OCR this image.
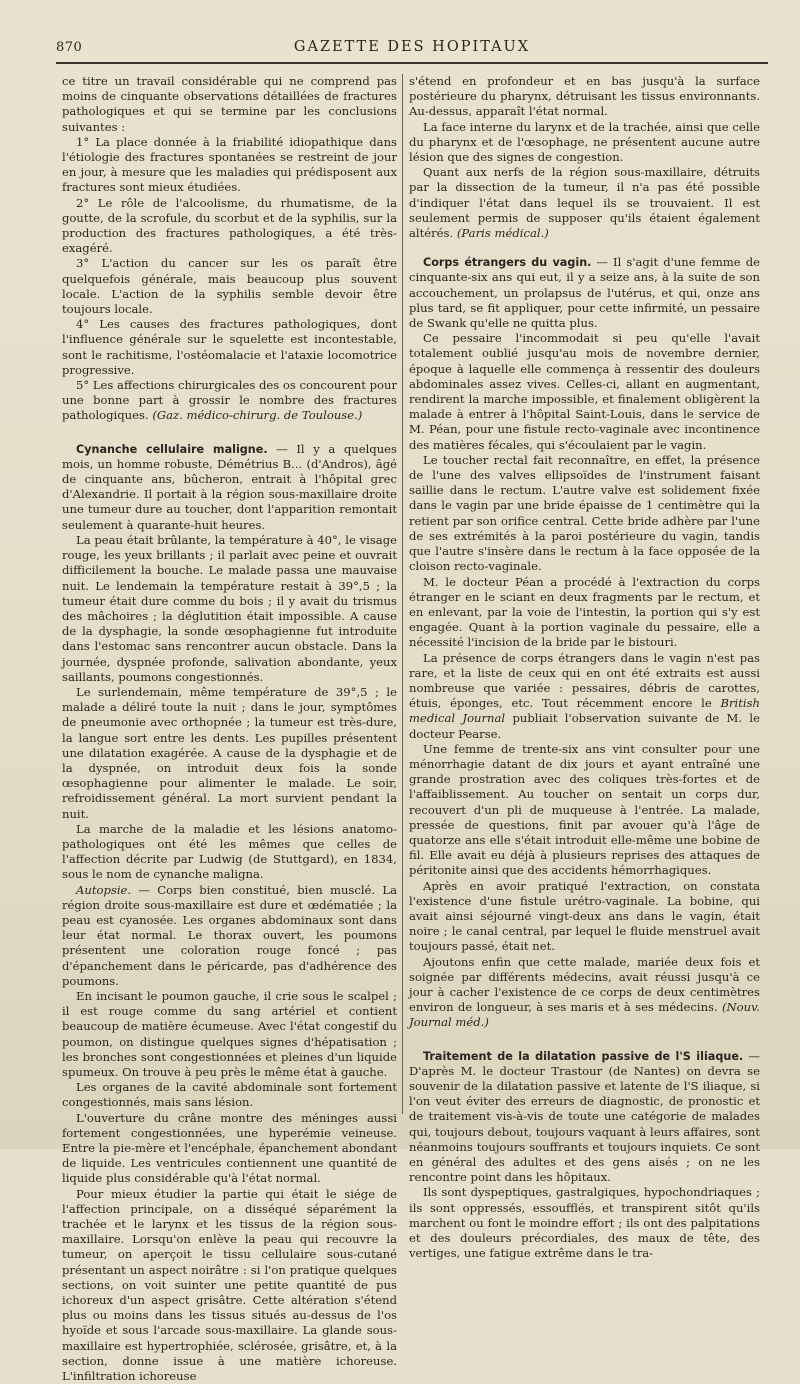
870	GAZETTE DES HOPITAUX

ce titre un travail considérable qui ne comprend pas moins de cinquante observations détaillées de fractures pathologiques et qui se termine par les conclusions suivantes :

1° La place donnée à la friabilité idiopathique dans l'étiologie des fractures spontanées se restreint de jour en jour, à mesure que les maladies qui prédisposent aux fractures sont mieux étudiées.

2° Le rôle de l'alcoolisme, du rhumatisme, de la goutte, de la scrofule, du scorbut et de la syphilis, sur la production des fractures pathologiques, a été très-exagéré.

3° L'action du cancer sur les os paraît être quelquefois générale, mais beaucoup plus souvent locale. L'action de la syphilis semble devoir être toujours locale.

4° Les causes des fractures pathologiques, dont l'influence générale sur le squelette est incontestable, sont le rachitisme, l'ostéomalacie et l'ataxie locomotrice progressive.

5° Les affections chirurgicales des os concourent pour une bonne part à grossir le nombre des fractures pathologiques. (Gaz. médico-chirurg. de Toulouse.)

Cynanche cellulaire maligne. — Il y a quelques mois, un homme robuste, Démétrius B... (d'Andros), âgé de cinquante ans, bûcheron, entrait à l'hôpital grec d'Alexandrie. Il portait à la région sous-maxillaire droite une tumeur dure au toucher, dont l'apparition remontait seulement à quarante-huit heures.

La peau était brûlante, la température à 40°, le visage rouge, les yeux brillants ; il parlait avec peine et ouvrait difficilement la bouche. Le malade passa une mauvaise nuit. Le lendemain la température restait à 39°,5 ; la tumeur était dure comme du bois ; il y avait du trismus des mâchoires ; la déglutition était impossible. A cause de la dysphagie, la sonde œsophagienne fut introduite dans l'estomac sans rencontrer aucun obstacle. Dans la journée, dyspnée profonde, salivation abondante, yeux saillants, poumons congestionnés.

Le surlendemain, même température de 39°,5 ; le malade a déliré toute la nuit ; dans le jour, symptômes de pneumonie avec orthopnée ; la tumeur est très-dure, la langue sort entre les dents. Les pupilles présentent une dilatation exagérée. A cause de la dysphagie et de la dyspnée, on introduit deux fois la sonde œsophagienne pour alimenter le malade. Le soir, refroidissement général. La mort survient pendant la nuit.

La marche de la maladie et les lésions anatomo-pathologiques ont été les mêmes que celles de l'affection décrite par Ludwig (de Stuttgard), en 1834, sous le nom de cynanche maligna.

Autopsie. — Corps bien constitué, bien musclé. La région droite sous-maxillaire est dure et œdématiée ; la peau est cyanosée. Les organes abdominaux sont dans leur état normal. Le thorax ouvert, les poumons présentent une coloration rouge foncé ; pas d'épanchement dans le péricarde, pas d'adhérence des poumons.

En incisant le poumon gauche, il crie sous le scalpel ; il est rouge comme du sang artériel et contient beaucoup de matière écumeuse. Avec l'état congestif du poumon, on distingue quelques signes d'hépatisation ; les bronches sont congestionnées et pleines d'un liquide spumeux. On trouve à peu près le même état à gauche.

Les organes de la cavité abdominale sont fortement congestionnés, mais sans lésion.

L'ouverture du crâne montre des méninges aussi fortement congestionnées, une hyperémie veineuse. Entre la pie-mère et l'encéphale, épanchement abondant de liquide. Les ventricules contiennent une quantité de liquide plus considérable qu'à l'état normal.

Pour mieux étudier la partie qui était le siége de l'affection principale, on a disséqué séparément la trachée et le larynx et les tissus de la région sous-maxillaire. Lorsqu'on enlève la peau qui recouvre la tumeur, on aperçoit le tissu cellulaire sous-cutané présentant un aspect noirâtre : si l'on pratique quelques sections, on voit suinter une petite quantité de pus ichoreux d'un aspect grisâtre. Cette altération s'étend plus ou moins dans les tissus situés au-dessus de l'os hyoïde et sous l'arcade sous-maxillaire. La glande sous-maxillaire est hypertrophiée, sclérosée, grisâtre, et, à la section, donne issue à une matière ichoreuse. L'infiltration ichoreuse

s'étend en profondeur et en bas jusqu'à la surface postérieure du pharynx, détruisant les tissus environnants. Au-dessus, apparaît l'état normal.

La face interne du larynx et de la trachée, ainsi que celle du pharynx et de l'œsophage, ne présentent aucune autre lésion que des signes de congestion.

Quant aux nerfs de la région sous-maxillaire, détruits par la dissection de la tumeur, il n'a pas été possible d'indiquer l'état dans lequel ils se trouvaient. Il est seulement permis de supposer qu'ils étaient également altérés. (Paris médical.)

Corps étrangers du vagin. — Il s'agit d'une femme de cinquante-six ans qui eut, il y a seize ans, à la suite de son accouchement, un prolapsus de l'utérus, et qui, onze ans plus tard, se fit appliquer, pour cette infirmité, un pessaire de Swank qu'elle ne quitta plus.

Ce pessaire l'incommodait si peu qu'elle l'avait totalement oublié jusqu'au mois de novembre dernier, époque à laquelle elle commença à ressentir des douleurs abdominales assez vives. Celles-ci, allant en augmentant, rendirent la marche impossible, et finalement obligèrent la malade à entrer à l'hôpital Saint-Louis, dans le service de M. Péan, pour une fistule recto-vaginale avec incontinence des matières fécales, qui s'écoulaient par le vagin.

Le toucher rectal fait reconnaître, en effet, la présence de l'une des valves ellipsoïdes de l'instrument faisant saillie dans le rectum. L'autre valve est solidement fixée dans le vagin par une bride épaisse de 1 centimètre qui la retient par son orifice central. Cette bride adhère par l'une de ses extrémités à la paroi postérieure du vagin, tandis que l'autre s'insère dans le rectum à la face opposée de la cloison recto-vaginale.

M. le docteur Péan a procédé à l'extraction du corps étranger en le sciant en deux fragments par le rectum, et en enlevant, par la voie de l'intestin, la portion qui s'y est engagée. Quant à la portion vaginale du pessaire, elle a nécessité l'incision de la bride par le bistouri.

La présence de corps étrangers dans le vagin n'est pas rare, et la liste de ceux qui en ont été extraits est aussi nombreuse que variée : pessaires, débris de carottes, étuis, éponges, etc. Tout récemment encore le British medical Journal publiait l'observation suivante de M. le docteur Pearse.

Une femme de trente-six ans vint consulter pour une ménorrhagie datant de dix jours et ayant entraîné une grande prostration avec des coliques très-fortes et de l'affaiblissement. Au toucher on sentait un corps dur, recouvert d'un pli de muqueuse à l'entrée. La malade, pressée de questions, finit par avouer qu'à l'âge de quatorze ans elle s'était introduit elle-même une bobine de fil. Elle avait eu déjà à plusieurs reprises des attaques de péritonite ainsi que des accidents hémorrhagiques.

Après en avoir pratiqué l'extraction, on constata l'existence d'une fistule urétro-vaginale. La bobine, qui avait ainsi séjourné vingt-deux ans dans le vagin, était noire ; le canal central, par lequel le fluide menstruel avait toujours passé, était net.

Ajoutons enfin que cette malade, mariée deux fois et soignée par différents médecins, avait réussi jusqu'à ce jour à cacher l'existence de ce corps de deux centimètres environ de longueur, à ses maris et à ses médecins. (Nouv. Journal méd.)

Traitement de la dilatation passive de l'S iliaque. — D'après M. le docteur Trastour (de Nantes) on devra se souvenir de la dilatation passive et latente de l'S iliaque, si l'on veut éviter des erreurs de diagnostic, de pronostic et de traitement vis-à-vis de toute une catégorie de malades qui, toujours debout, toujours vaquant à leurs affaires, sont néanmoins toujours souffrants et toujours inquiets. Ce sont en général des adultes et des gens aisés ; on ne les rencontre point dans les hôpitaux.

Ils sont dyspeptiques, gastralgiques, hypochondriaques ; ils sont oppressés, essoufflés, et transpirent sitôt qu'ils marchent ou font le moindre effort ; ils ont des palpitations et des douleurs précordiales, des maux de tête, des vertiges, une fatigue extrême dans le tra-
